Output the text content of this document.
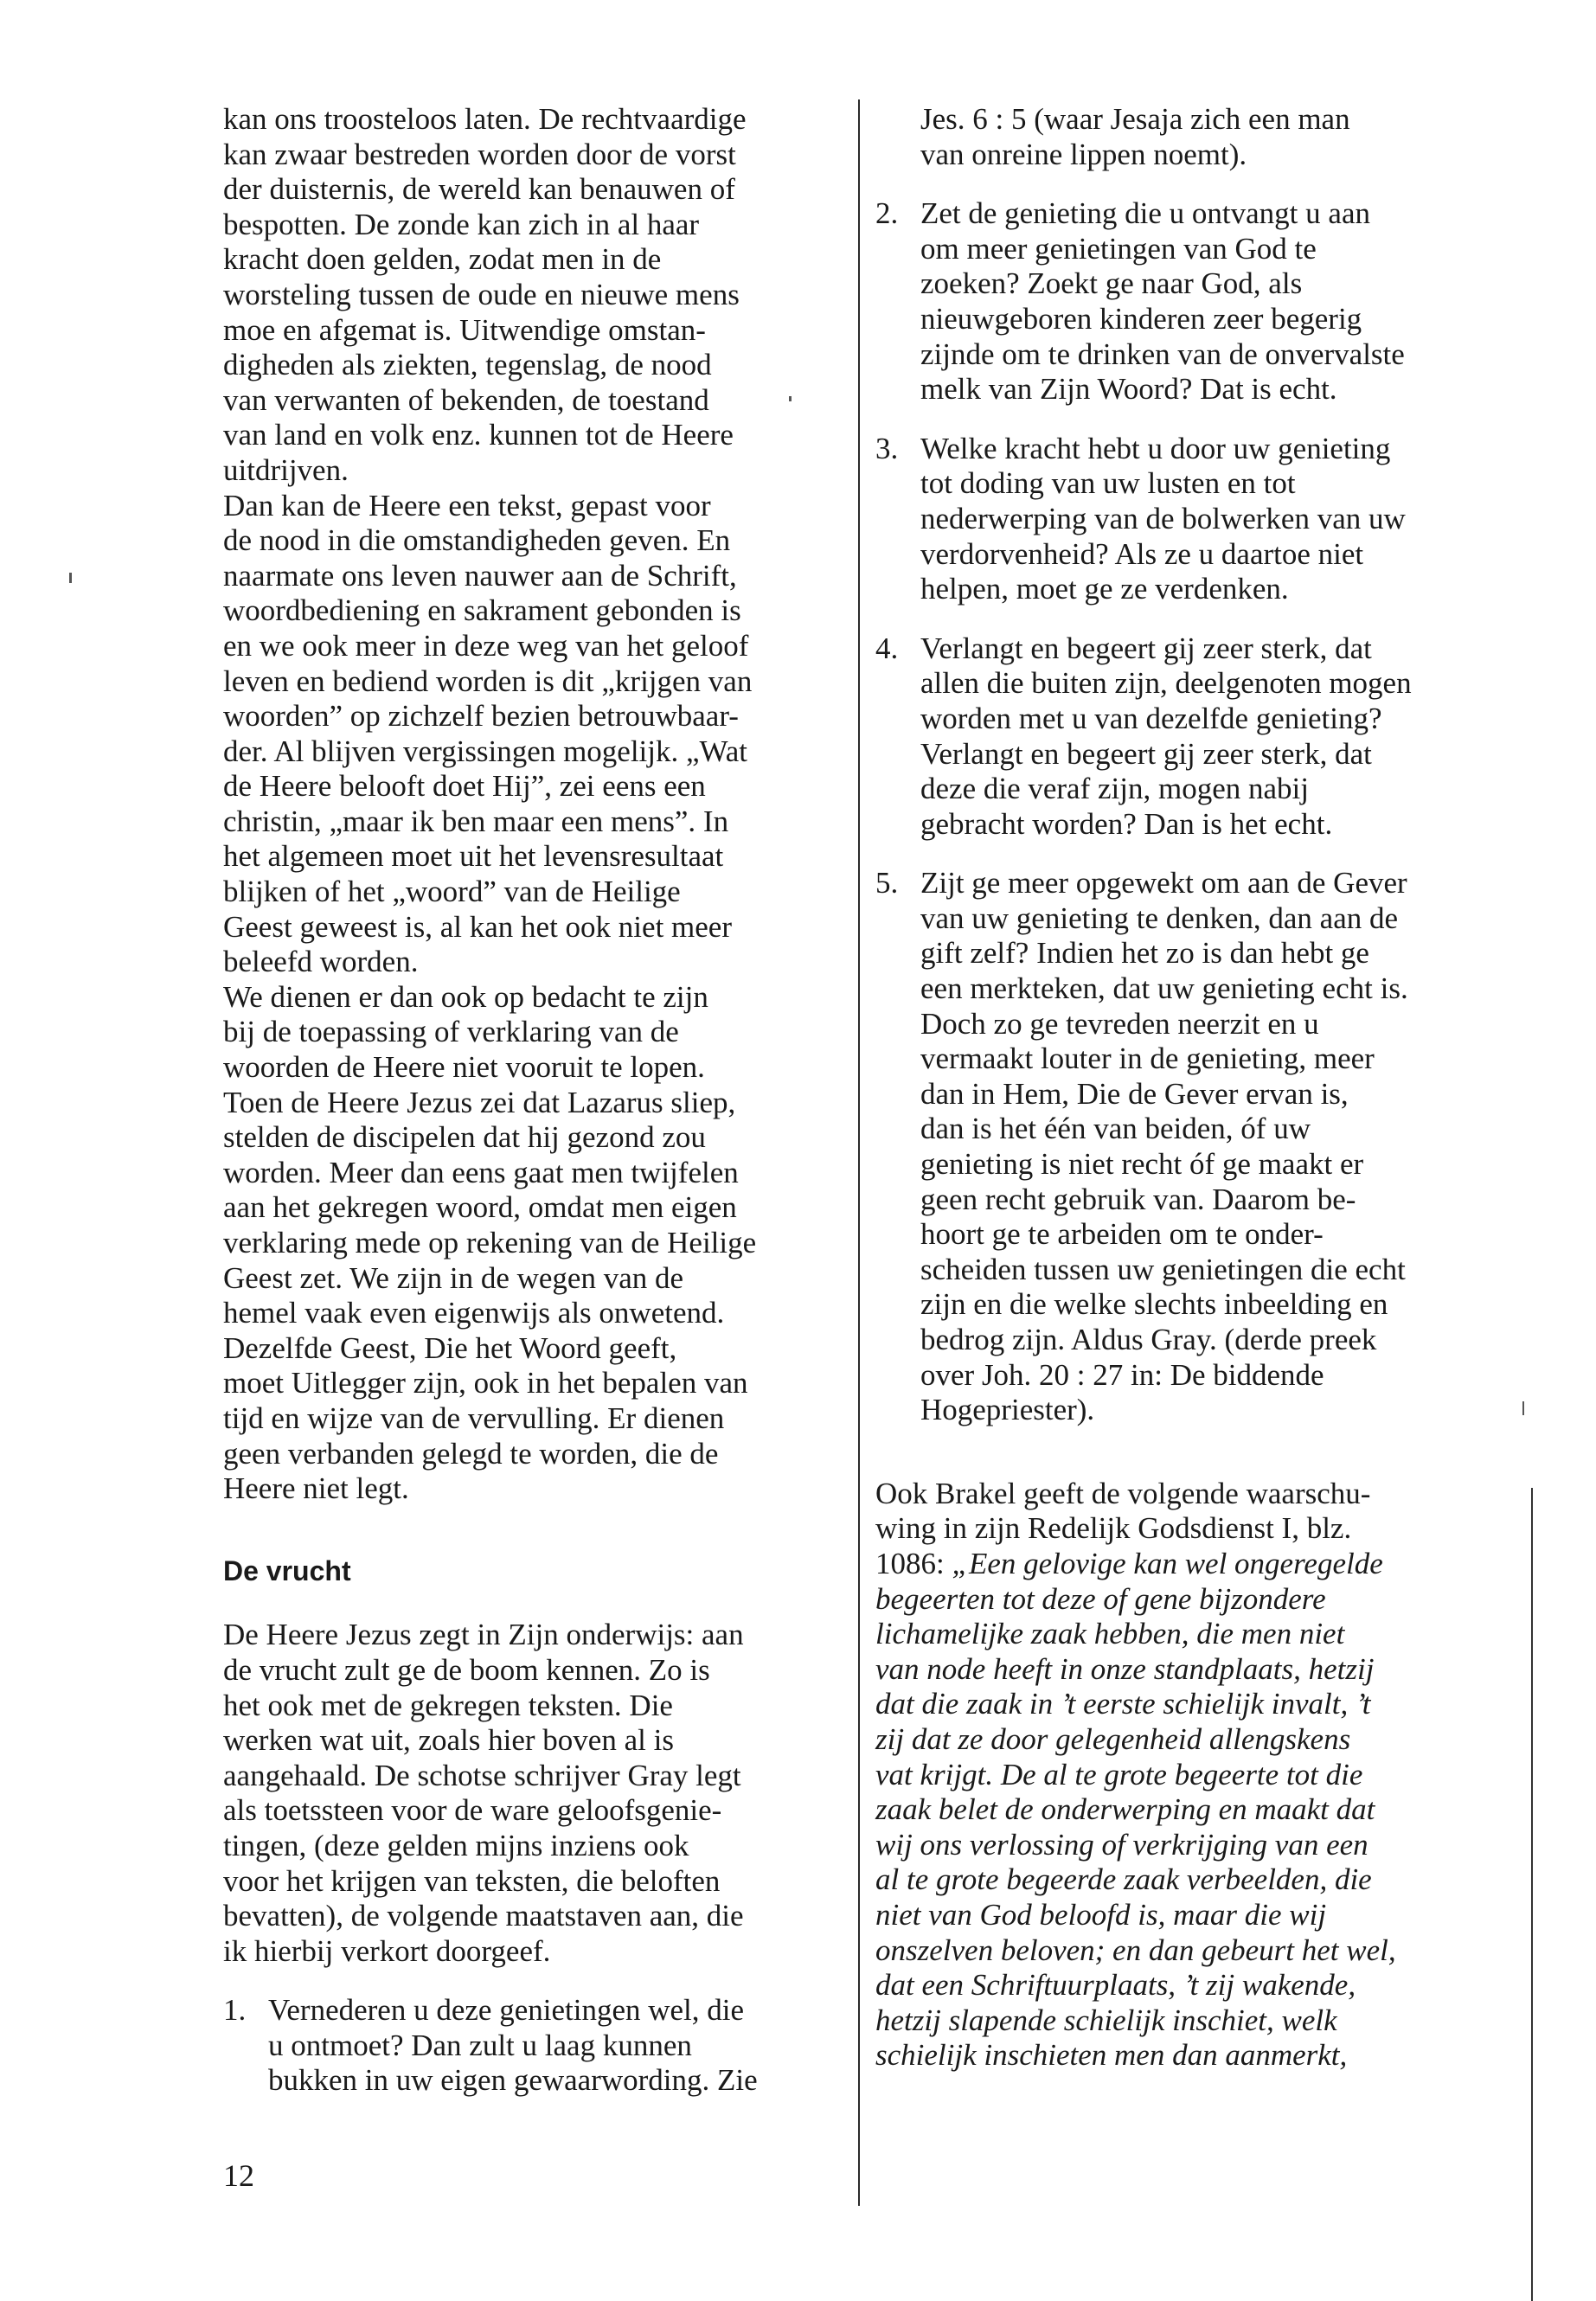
kan ons troosteloos laten. De rechtvaardige
kan zwaar bestreden worden door de vorst
der duisternis, de wereld kan benauwen of
bespotten. De zonde kan zich in al haar
kracht doen gelden, zodat men in de
worsteling tussen de oude en nieuwe mens
moe en afgemat is. Uitwendige omstan-
digheden als ziekten, tegenslag, de nood
van verwanten of bekenden, de toestand
van land en volk enz. kunnen tot de Heere
uitdrijven.
Dan kan de Heere een tekst, gepast voor
de nood in die omstandigheden geven. En
naarmate ons leven nauwer aan de Schrift,
woordbediening en sakrament gebonden is
en we ook meer in deze weg van het geloof
leven en bediend worden is dit „krijgen van
woorden” op zichzelf bezien betrouwbaar-
der. Al blijven vergissingen mogelijk. „Wat
de Heere belooft doet Hij”, zei eens een
christin, „maar ik ben maar een mens”. In
het algemeen moet uit het levensresultaat
blijken of het „woord” van de Heilige
Geest geweest is, al kan het ook niet meer
beleefd worden.
We dienen er dan ook op bedacht te zijn
bij de toepassing of verklaring van de
woorden de Heere niet vooruit te lopen.
Toen de Heere Jezus zei dat Lazarus sliep,
stelden de discipelen dat hij gezond zou
worden. Meer dan eens gaat men twijfelen
aan het gekregen woord, omdat men eigen
verklaring mede op rekening van de Heilige
Geest zet. We zijn in de wegen van de
hemel vaak even eigenwijs als onwetend.
Dezelfde Geest, Die het Woord geeft,
moet Uitlegger zijn, ook in het bepalen van
tijd en wijze van de vervulling. Er dienen
geen verbanden gelegd te worden, die de
Heere niet legt.
De vrucht
De Heere Jezus zegt in Zijn onderwijs: aan
de vrucht zult ge de boom kennen. Zo is
het ook met de gekregen teksten. Die
werken wat uit, zoals hier boven al is
aangehaald. De schotse schrijver Gray legt
als toetssteen voor de ware geloofsgenie-
tingen, (deze gelden mijns inziens ook
voor het krijgen van teksten, die beloften
bevatten), de volgende maatstaven aan, die
ik hierbij verkort doorgeef.
1. Vernederen u deze genietingen wel, die
u ontmoet? Dan zult u laag kunnen
bukken in uw eigen gewaarwording. Zie
Jes. 6 : 5 (waar Jesaja zich een man
van onreine lippen noemt).
2. Zet de genieting die u ontvangt u aan
om meer genietingen van God te
zoeken? Zoekt ge naar God, als
nieuwgeboren kinderen zeer begerig
zijnde om te drinken van de onvervalste
melk van Zijn Woord? Dat is echt.
3. Welke kracht hebt u door uw genieting
tot doding van uw lusten en tot
nederwerping van de bolwerken van uw
verdorvenheid? Als ze u daartoe niet
helpen, moet ge ze verdenken.
4. Verlangt en begeert gij zeer sterk, dat
allen die buiten zijn, deelgenoten mogen
worden met u van dezelfde genieting?
Verlangt en begeert gij zeer sterk, dat
deze die veraf zijn, mogen nabij
gebracht worden? Dan is het echt.
5. Zijt ge meer opgewekt om aan de Gever
van uw genieting te denken, dan aan de
gift zelf? Indien het zo is dan hebt ge
een merkteken, dat uw genieting echt is.
Doch zo ge tevreden neerzit en u
vermaakt louter in de genieting, meer
dan in Hem, Die de Gever ervan is,
dan is het één van beiden, óf uw
genieting is niet recht óf ge maakt er
geen recht gebruik van. Daarom be-
hoort ge te arbeiden om te onder-
scheiden tussen uw genietingen die echt
zijn en die welke slechts inbeelding en
bedrog zijn. Aldus Gray. (derde preek
over Joh. 20 : 27 in: De biddende
Hogepriester).
Ook Brakel geeft de volgende waarschu-
wing in zijn Redelijk Godsdienst I, blz.
1086: „Een gelovige kan wel ongeregelde
begeerten tot deze of gene bijzondere
lichamelijke zaak hebben, die men niet
van node heeft in onze standplaats, hetzij
dat die zaak in ’t eerste schielijk invalt, ’t
zij dat ze door gelegenheid allengskens
vat krijgt. De al te grote begeerte tot die
zaak belet de onderwerping en maakt dat
wij ons verlossing of verkrijging van een
al te grote begeerde zaak verbeelden, die
niet van God beloofd is, maar die wij
onszelven beloven; en dan gebeurt het wel,
dat een Schriftuurplaats, ’t zij wakende,
hetzij slapende schielijk inschiet, welk
schielijk inschieten men dan aanmerkt,
12
